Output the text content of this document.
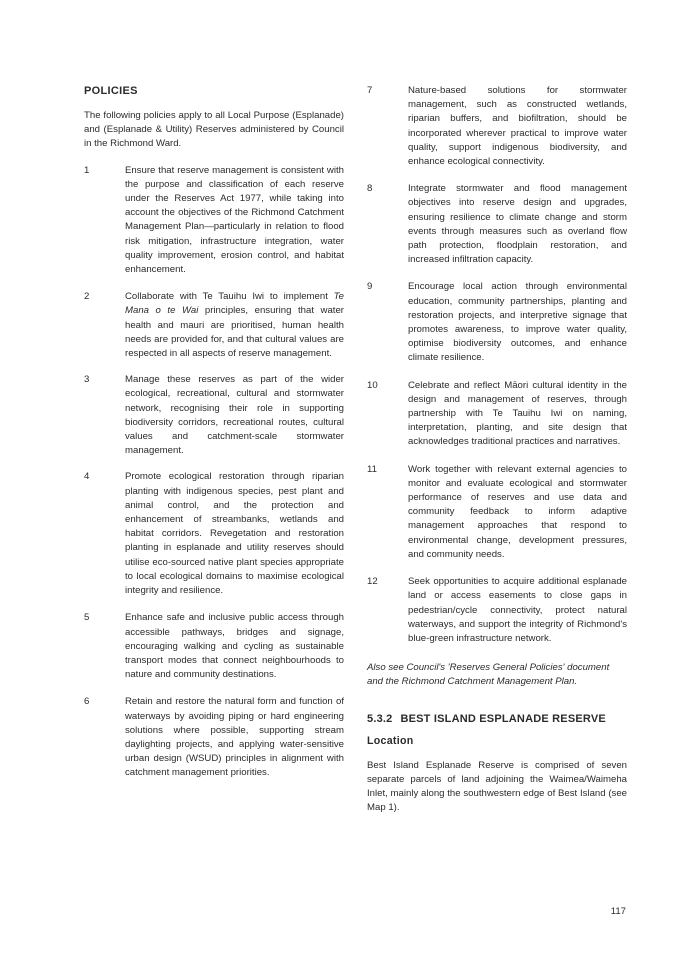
POLICIES

The following policies apply to all Local Purpose (Esplanade) and (Esplanade & Utility) Reserves administered by Council in the Richmond Ward.

1	Ensure that reserve management is consistent with the purpose and classification of each reserve under the Reserves Act 1977, while taking into account the objectives of the Richmond Catchment Management Plan—particularly in relation to flood risk mitigation, infrastructure integration, water quality improvement, erosion control, and habitat enhancement.
2	Collaborate with Te Tauihu Iwi to implement Te Mana o te Wai principles, ensuring that water health and mauri are prioritised, human health needs are provided for, and that cultural values are respected in all aspects of reserve management.
3	Manage these reserves as part of the wider ecological, recreational, cultural and stormwater network, recognising their role in supporting biodiversity corridors, recreational routes, cultural values and catchment-scale stormwater management.
4	Promote ecological restoration through riparian planting with indigenous species, pest plant and animal control, and the protection and enhancement of streambanks, wetlands and habitat corridors. Revegetation and restoration planting in esplanade and utility reserves should utilise eco-sourced native plant species appropriate to local ecological domains to maximise ecological integrity and resilience.
5	Enhance safe and inclusive public access through accessible pathways, bridges and signage, encouraging walking and cycling as sustainable transport modes that connect neighbourhoods to nature and community destinations.
6	Retain and restore the natural form and function of waterways by avoiding piping or hard engineering solutions where possible, supporting stream daylighting projects, and applying water-sensitive urban design (WSUD) principles in alignment with catchment management priorities.
7	Nature-based solutions for stormwater management, such as constructed wetlands, riparian buffers, and biofiltration, should be incorporated wherever practical to improve water quality, support indigenous biodiversity, and enhance ecological connectivity.
8	Integrate stormwater and flood management objectives into reserve design and upgrades, ensuring resilience to climate change and storm events through measures such as overland flow path protection, floodplain restoration, and increased infiltration capacity.
9	Encourage local action through environmental education, community partnerships, planting and restoration projects, and interpretive signage that promotes awareness, to improve water quality, optimise biodiversity outcomes, and enhance climate resilience.
10	Celebrate and reflect Māori cultural identity in the design and management of reserves, through partnership with Te Tauihu Iwi on naming, interpretation, planting, and site design that acknowledges traditional practices and narratives.
11	Work together with relevant external agencies to monitor and evaluate ecological and stormwater performance of reserves and use data and community feedback to inform adaptive management approaches that respond to environmental change, development pressures, and community needs.
12	Seek opportunities to acquire additional esplanade land or access easements to close gaps in pedestrian/cycle connectivity, protect natural waterways, and support the integrity of Richmond's blue-green infrastructure network.

Also see Council's 'Reserves General Policies' document and the Richmond Catchment Management Plan.

5.3.2 BEST ISLAND ESPLANADE RESERVE
Location

Best Island Esplanade Reserve is comprised of seven separate parcels of land adjoining the Waimea/Waimeha Inlet, mainly along the southwestern edge of Best Island (see Map 1).

117
